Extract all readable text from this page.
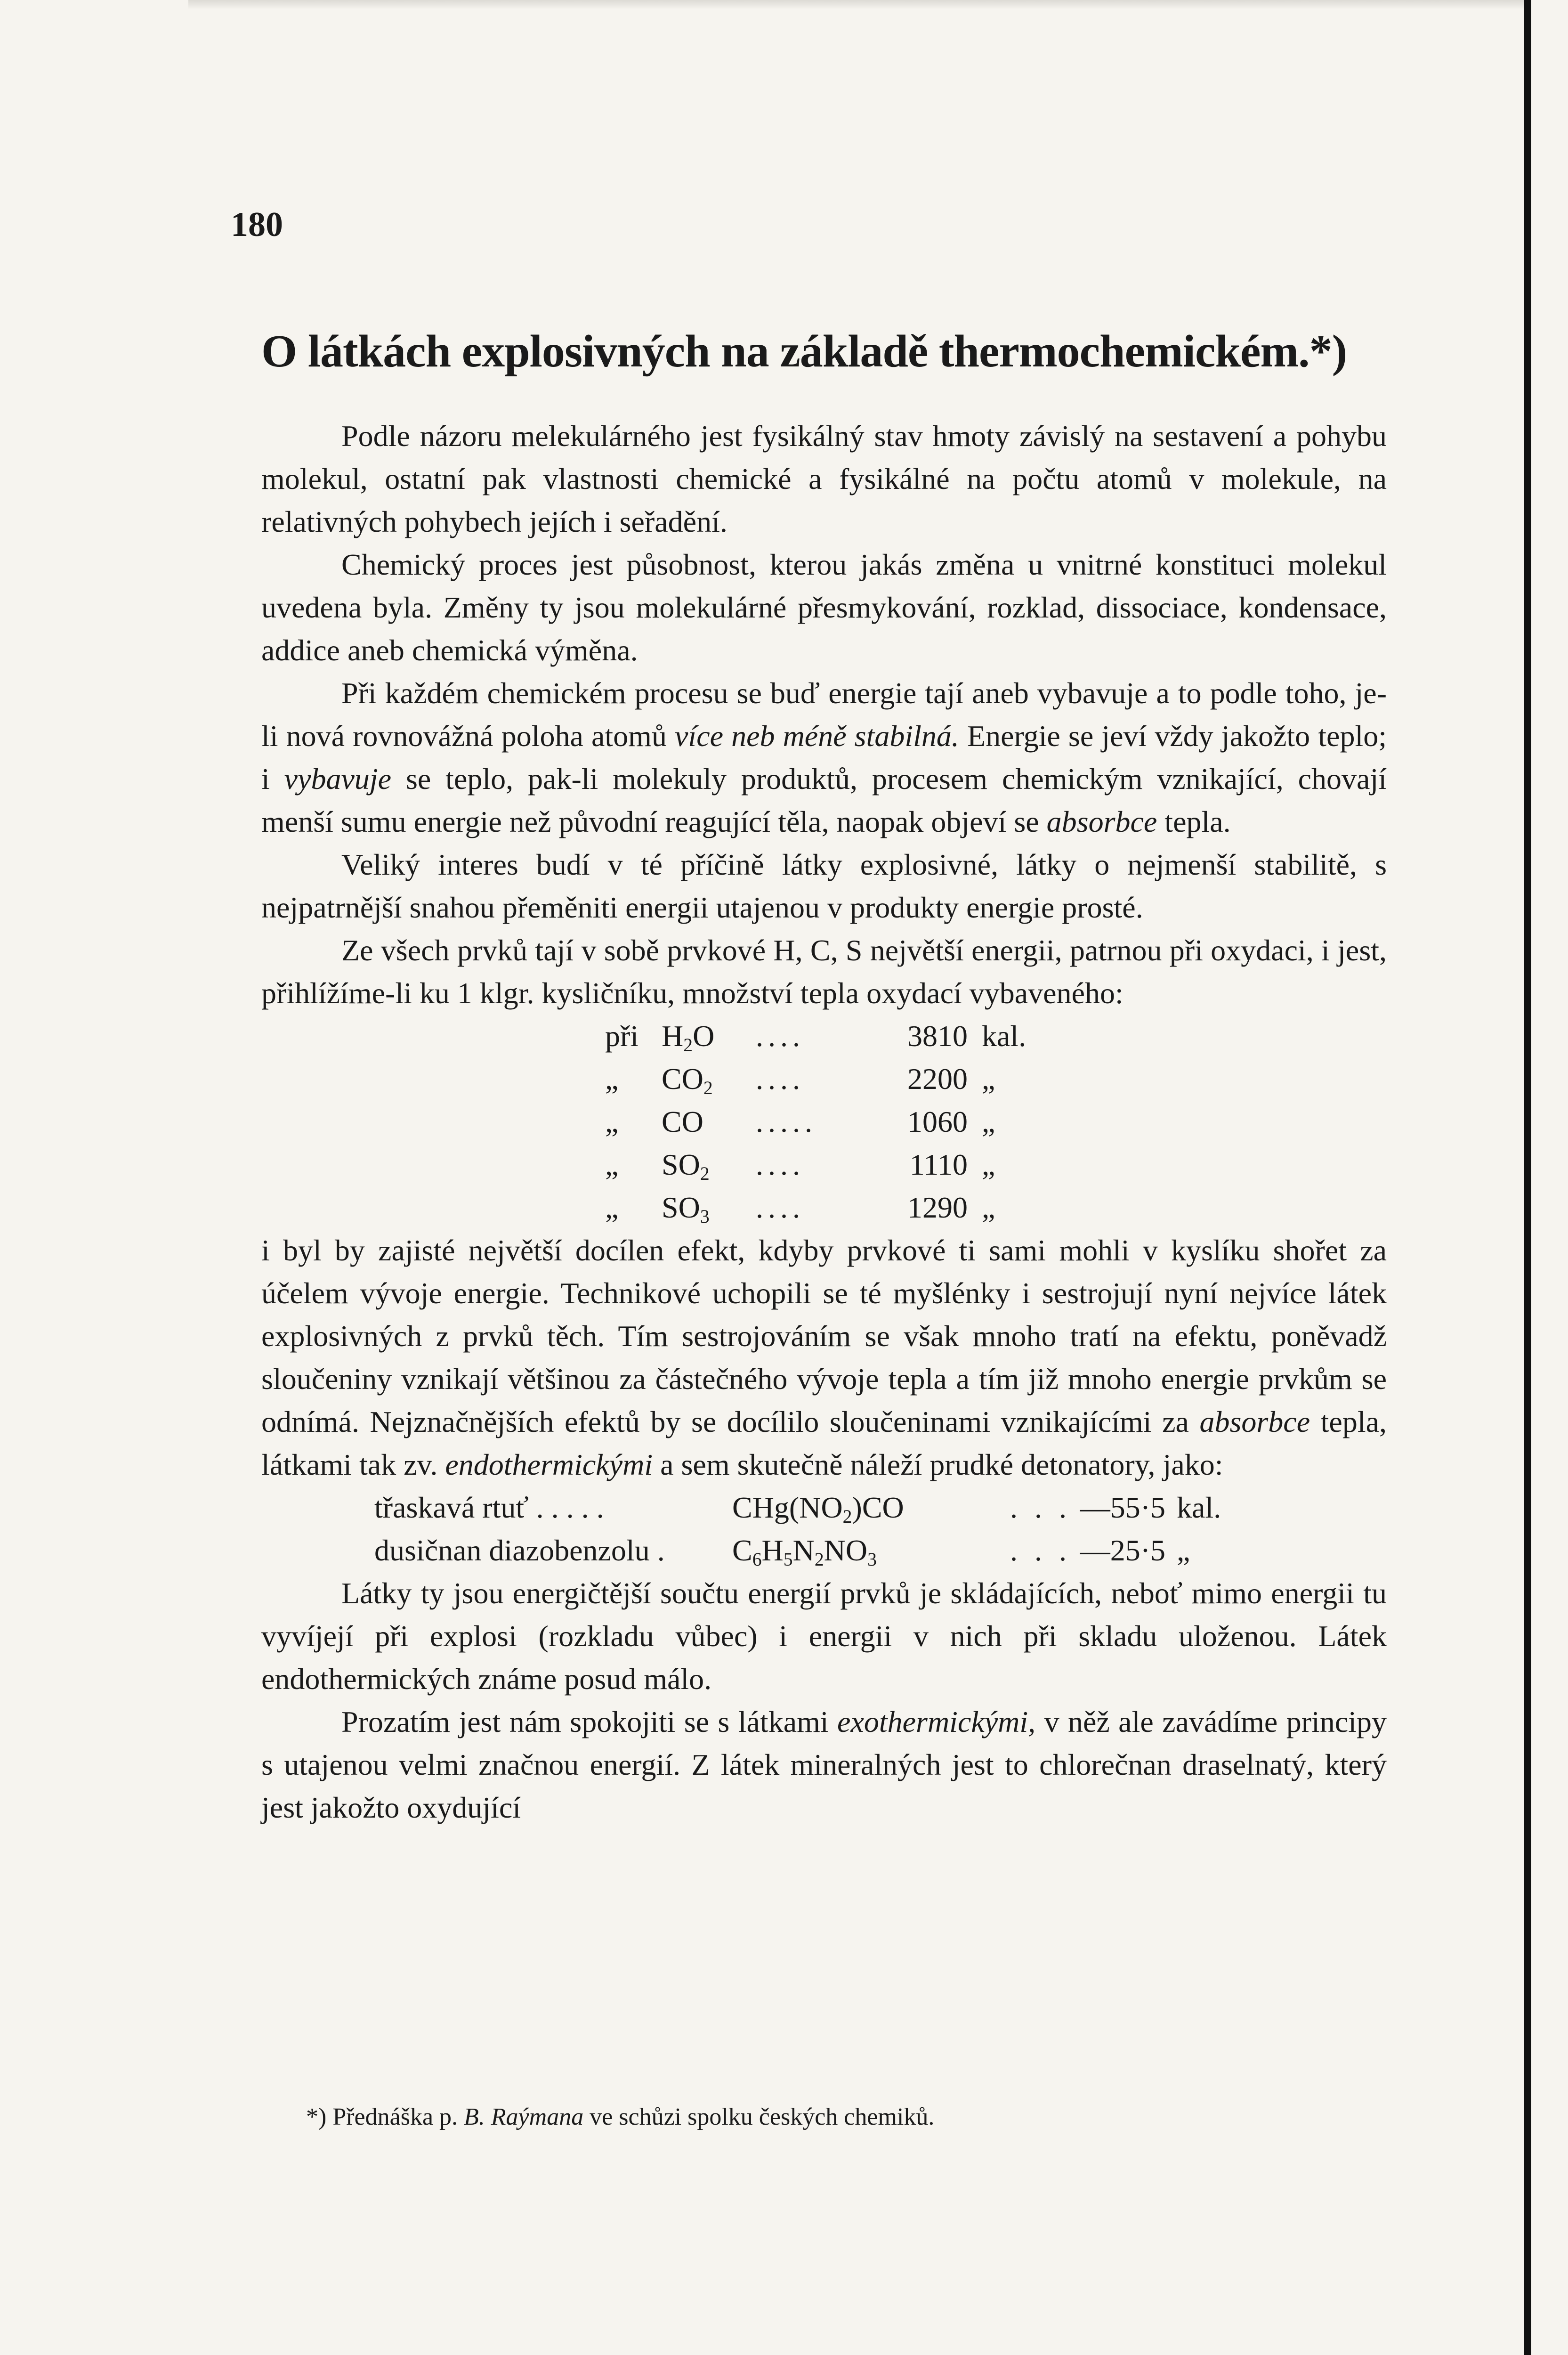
180
O látkách explosivných na základě thermochemickém.*)

Podle názoru melekulárného jest fysikálný stav hmoty závislý na sestavení a pohybu molekul, ostatní pak vlastnosti chemické a fysikálné na počtu atomů v molekule, na relativných pohybech jejích i seřadění.

Chemický proces jest působnost, kterou jakás změna u vnitrné konstituci molekul uvedena byla. Změny ty jsou molekulárné přesmykování, rozklad, dissociace, kondensace, addice aneb chemická výměna.

Při každém chemickém procesu se buď energie tají aneb vybavuje a to podle toho, je-li nová rovnovážná poloha atomů více neb méně stabilná. Energie se jeví vždy jakožto teplo; i vybavuje se teplo, pak-li molekuly produktů, procesem chemickým vznikající, chovají menší sumu energie než původní reagující těla, naopak objeví se absorbce tepla.

Veliký interes budí v té příčině látky explosivné, látky o nejmenší stabilitě, s nejpatrnější snahou přeměniti energii utajenou v produkty energie prosté.

Ze všech prvků tají v sobě prvkové H, C, S největší energii, patrnou při oxydaci, i jest, přihlížíme-li ku 1 klgr. kysličníku, množství tepla oxydací vybaveného:

při	$H_2O$	....	3810	kal.
„	$CO_2$	....	2200	„
„	CO	.....	1060	„
„	$SO_2$	....	1110	„
„	$SO_3$	....	1290	„

i byl by zajisté největší docílen efekt, kdyby prvkové ti sami mohli v kyslíku shořet za účelem vývoje energie. Technikové uchopili se té myšlénky i sestrojují nyní nejvíce látek explosivných z prvků těch. Tím sestrojováním se však mnoho tratí na efektu, poněvadž sloučeniny vznikají většinou za částečného vývoje tepla a tím již mnoho energie prvkům se odnímá. Nejznačnějších efektů by se docílilo sloučeninami vznikajícími za absorbce tepla, látkami tak zv. endothermickými a sem skutečně náleží prudké detonatory, jako:

třaskavá rtuť . . . . .	$CHg(NO_2)CO$	. . .	—55·5	kal.
dusičnan diazobenzolu .	$C_6H_5N_2NO_3$	. . .	—25·5	„

Látky ty jsou energičtější součtu energií prvků je skládajících, neboť mimo energii tu vyvíjejí při explosi (rozkladu vůbec) i energii v nich při skladu uloženou. Látek endothermických známe posud málo.

Prozatím jest nám spokojiti se s látkami exothermickými, v něž ale zavádíme principy s utajenou velmi značnou energií. Z látek mineralných jest to chlorečnan draselnatý, který jest jakožto oxydující

*) Přednáška p. B. Raýmana ve schůzi spolku českých chemiků.
